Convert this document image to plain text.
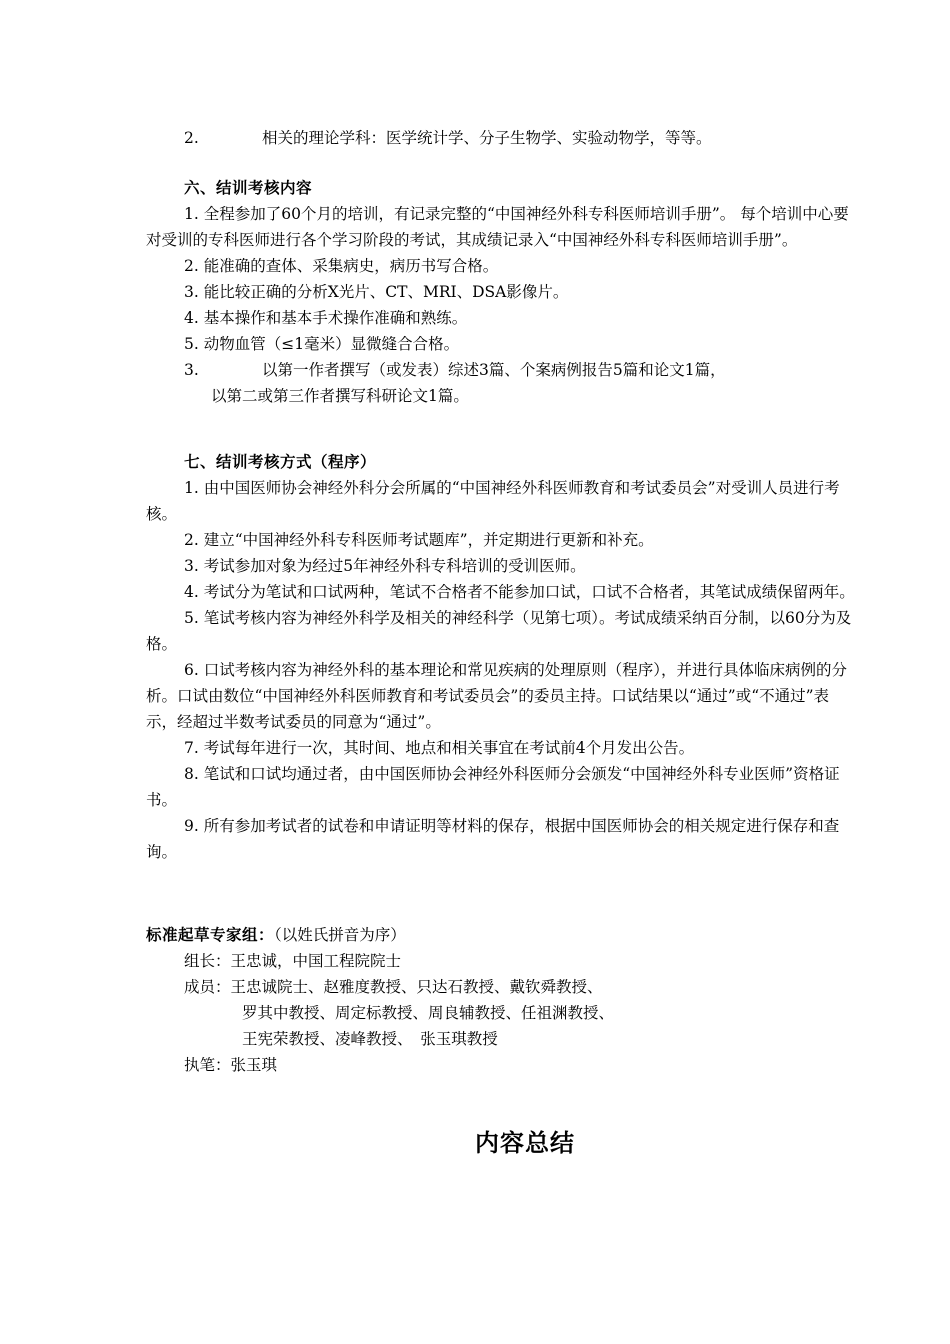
2.	相关的理论学科：医学统计学、分子生物学、实验动物学，等等。

六、结训考核内容

1. 全程参加了60个月的培训，有记录完整的“中国神经外科专科医师培训手册”。 每个培训中心要对受训的专科医师进行各个学习阶段的考试，其成绩记录入“中国神经外科专科医师培训手册”。

2. 能准确的查体、采集病史，病历书写合格。

3. 能比较正确的分析X光片、CT、MRI、DSA影像片。

4. 基本操作和基本手术操作准确和熟练。

5. 动物血管（≤1毫米）显微缝合合格。

3.	以第一作者撰写（或发表）综述3篇、个案病例报告5篇和论文1篇，

以第二或第三作者撰写科研论文1篇。

七、结训考核方式（程序）

1. 由中国医师协会神经外科分会所属的“中国神经外科医师教育和考试委员会”对受训人员进行考核。

2. 建立“中国神经外科专科医师考试题库”，并定期进行更新和补充。

3. 考试参加对象为经过5年神经外科专科培训的受训医师。

4. 考试分为笔试和口试两种，笔试不合格者不能参加口试，口试不合格者，其笔试成绩保留两年。

5. 笔试考核内容为神经外科学及相关的神经科学（见第七项）。考试成绩采纳百分制，以60分为及格。

6. 口试考核内容为神经外科的基本理论和常见疾病的处理原则（程序），并进行具体临床病例的分析。口试由数位“中国神经外科医师教育和考试委员会”的委员主持。口试结果以“通过”或“不通过”表示，经超过半数考试委员的同意为“通过”。

7. 考试每年进行一次，其时间、地点和相关事宜在考试前4个月发出公告。

8. 笔试和口试均通过者，由中国医师协会神经外科医师分会颁发“中国神经外科专业医师”资格证书。

9. 所有参加考试者的试卷和申请证明等材料的保存，根据中国医师协会的相关规定进行保存和查询。

标准起草专家组：（以姓氏拼音为序）

组长：王忠诚，中国工程院院士

成员：王忠诚院士、赵雅度教授、只达石教授、戴钦舜教授、

罗其中教授、周定标教授、周良辅教授、任祖渊教授、

王宪荣教授、凌峰教授、　张玉琪教授

执笔：张玉琪

内容总结
